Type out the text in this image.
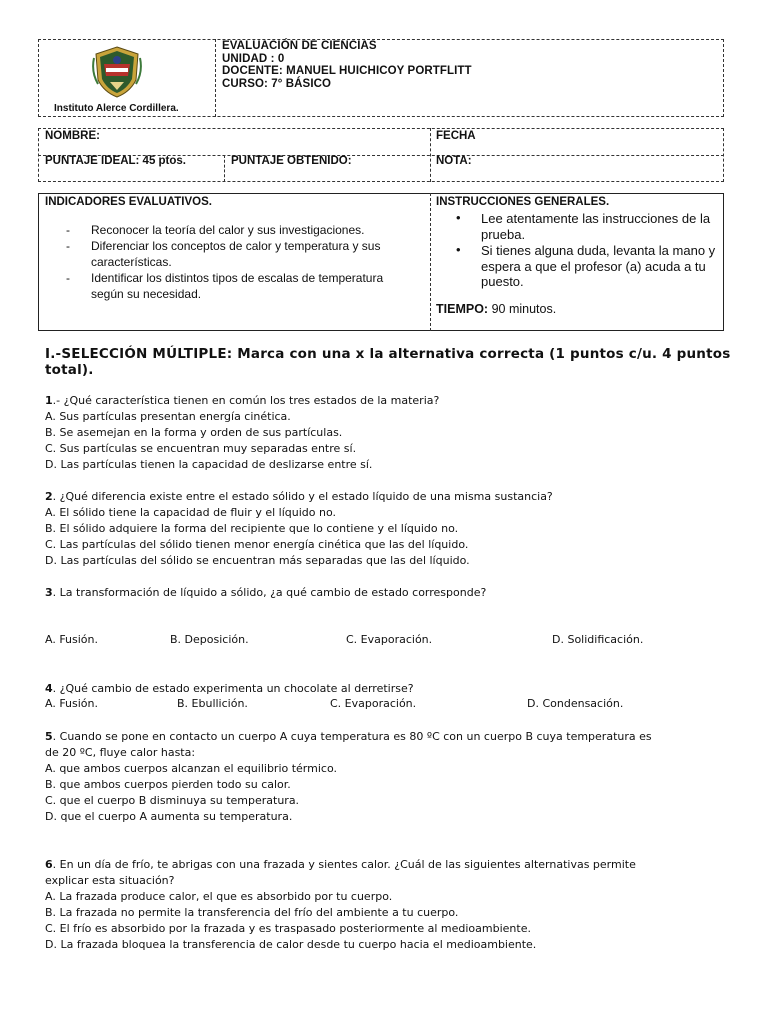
Instituto Alerce Cordillera.
EVALUACIÓN DE CIENCIAS
UNIDAD : 0
DOCENTE: MANUEL HUICHICOY PORTFLITT
CURSO: 7° BÁSICO
NOMBRE:	FECHA
PUNTAJE IDEAL: 45 ptos.	PUNTAJE OBTENIDO:	NOTA:
INDICADORES EVALUATIVOS.
- Reconocer la teoría del calor y sus investigaciones.
- Diferenciar los conceptos de calor y temperatura y sus características.
- Identificar los distintos tipos de escalas de temperatura según su necesidad.
INSTRUCCIONES GENERALES.
• Lee atentamente las instrucciones de la prueba.
• Si tienes alguna duda, levanta la mano y espera a que el profesor (a) acuda a tu puesto.
TIEMPO: 90 minutos.
I.-SELECCIÓN MÚLTIPLE: Marca con una x la alternativa correcta (1 puntos c/u. 4 puntos total).
1.- ¿Qué característica tienen en común los tres estados de la materia?
A. Sus partículas presentan energía cinética.
B. Se asemejan en la forma y orden de sus partículas.
C. Sus partículas se encuentran muy separadas entre sí.
D. Las partículas tienen la capacidad de deslizarse entre sí.
2. ¿Qué diferencia existe entre el estado sólido y el estado líquido de una misma sustancia?
A. El sólido tiene la capacidad de fluir y el líquido no.
B. El sólido adquiere la forma del recipiente que lo contiene y el líquido no.
C. Las partículas del sólido tienen menor energía cinética que las del líquido.
D. Las partículas del sólido se encuentran más separadas que las del líquido.
3. La transformación de líquido a sólido, ¿a qué cambio de estado corresponde?
A. Fusión.	B. Deposición.	C. Evaporación.	D. Solidificación.
4. ¿Qué cambio de estado experimenta un chocolate al derretirse?
A. Fusión.	B. Ebullición.	C. Evaporación.	D. Condensación.
5. Cuando se pone en contacto un cuerpo A cuya temperatura es 80 ºC con un cuerpo B cuya temperatura es
de 20 ºC, fluye calor hasta:
A. que ambos cuerpos alcanzan el equilibrio térmico.
B. que ambos cuerpos pierden todo su calor.
C. que el cuerpo B disminuya su temperatura.
D. que el cuerpo A aumenta su temperatura.
6. En un día de frío, te abrigas con una frazada y sientes calor. ¿Cuál de las siguientes alternativas permite
explicar esta situación?
A. La frazada produce calor, el que es absorbido por tu cuerpo.
B. La frazada no permite la transferencia del frío del ambiente a tu cuerpo.
C. El frío es absorbido por la frazada y es traspasado posteriormente al medioambiente.
D. La frazada bloquea la transferencia de calor desde tu cuerpo hacia el medioambiente.
